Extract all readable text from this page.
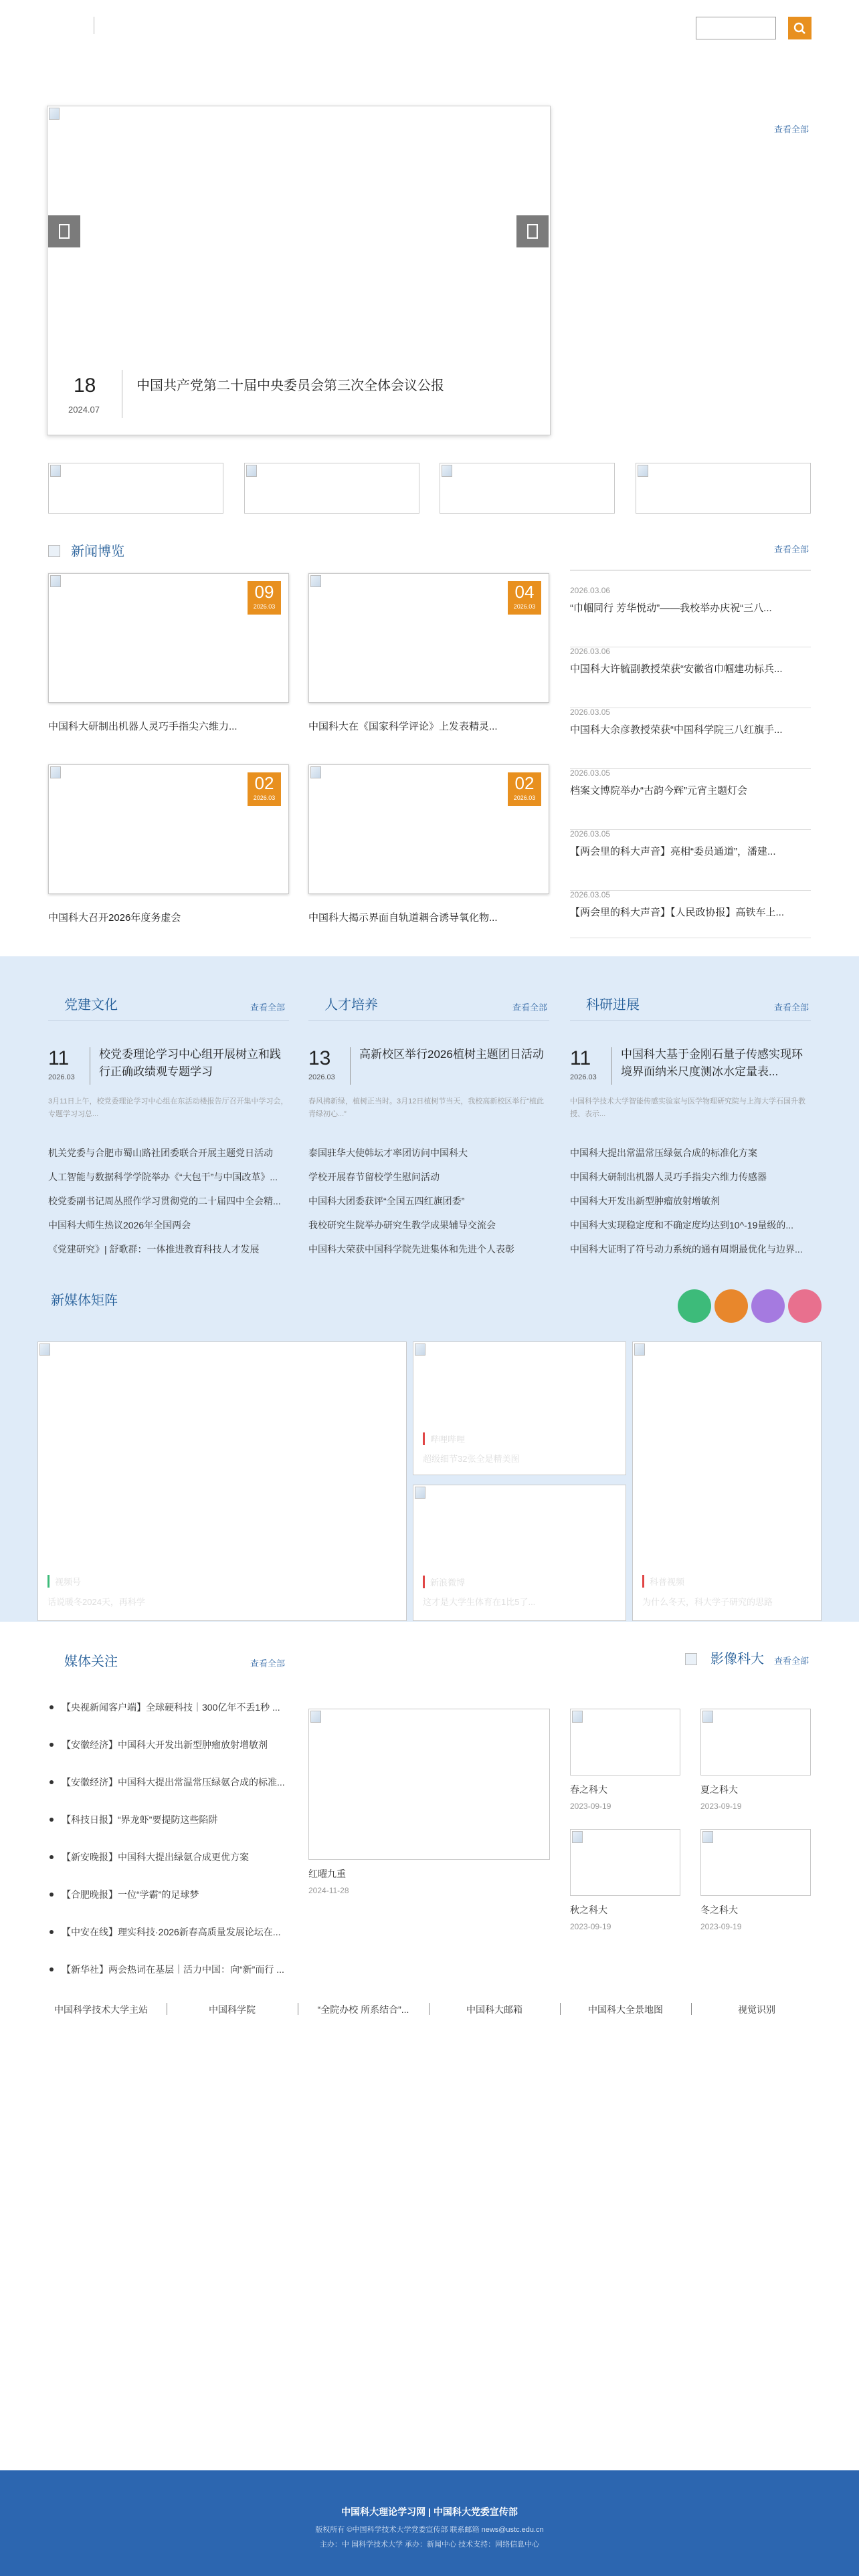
查看全部
18
2024.07
中国共产党第二十届中央委员会第三次全体会议公报
新闻博览	查看全部
09
2026.03
中国科大研制出机器人灵巧手指尖六维力...
04
2026.03
中国科大在《国家科学评论》上发表精灵...
02
2026.03
中国科大召开2026年度务虚会
02
2026.03
中国科大揭示界面自轨道耦合诱导氧化物...
2026.03.06
“巾帼同行 芳华悦动”——我校举办庆祝“三八...
2026.03.06
中国科大许毓副教授荣获“安徽省巾帼建功标兵...
2026.03.05
中国科大余彦教授荣获“中国科学院三八红旗手...
2026.03.05
档案文博院举办“古韵今辉”元宵主题灯会
2026.03.05
【两会里的科大声音】亮相“委员通道”，潘建...
2026.03.05
【两会里的科大声音】【人民政协报】高铁车上...
党建文化	查看全部
11
2026.03
校党委理论学习中心组开展树立和践行正确政绩观专题学习
3月11日上午，校党委理论学习中心组在东活动楼报告厅召开集中学习会，专题学习习总...
机关党委与合肥市蜀山路社团委联合开展主题党日活动
人工智能与数据科学学院举办《“大包干”与中国改革》...
校党委副书记周丛照作学习贯彻党的二十届四中全会精...
中国科大师生热议2026年全国两会
《党建研究》| 舒歌群：一体推进教育科技人才发展
人才培养	查看全部
13
2026.03
高新校区举行2026植树主题团日活动
春风拂新绿，植树正当时。3月12日植树节当天，我校高新校区举行“植此青绿初心...”
泰国驻华大使韩坛才率团访问中国科大
学校开展春节留校学生慰问活动
中国科大团委获评“全国五四红旗团委”
我校研究生院举办研究生教学成果辅导交流会
中国科大荣获中国科学院先进集体和先进个人表彰
科研进展	查看全部
11
2026.03
中国科大基于金刚石量子传感实现环境界面纳米尺度测冰水定量表...
中国科学技术大学智能传感实验室与医学物理研究院与上海大学石国升教授、表示...
中国科大提出常温常压绿氨合成的标准化方案
中国科大研制出机器人灵巧手指尖六维力传感器
中国科大开发出新型肿瘤放射增敏剂
中国科大实现稳定度和不确定度均达到10^-19量级的...
中国科大证明了符号动力系统的通有周期最优化与边界...
新媒体矩阵
视频号
话说暖冬2024天，再科学
哔哩哔哩
超级细节32张全是精美图
新浪微博
这才是大学生体育在1比5了...
科普视频
为什么冬天，科大学子研究的思路
媒体关注	查看全部
【央视新闻客户端】全球硬科技｜300亿年不丢1秒 ...
【安徽经济】中国科大开发出新型肿瘤放射增敏剂
【安徽经济】中国科大提出常温常压绿氨合成的标准...
【科技日报】“界龙虾”要提防这些陷阱
【新安晚报】中国科大提出绿氨合成更优方案
【合肥晚报】一位“学霸”的足球梦
【中安在线】理实科技·2026新春高质量发展论坛在...
【新华社】两会热词在基层｜活力中国：向“新”而行 ...
红曜九重
2024-11-28
影像科大 查看全部
春之科大
2023-09-19
夏之科大
2023-09-19
秋之科大
2023-09-19
冬之科大
2023-09-19
中国科学技术大学主站	中国科学院	“全院办校 所系结合”...	中国科大邮箱	中国科大全景地图	视觉识别
中国科大理论学习网 | 中国科大党委宣传部
版权所有 ©中国科学技术大学党委宣传部 联系邮箱 news@ustc.edu.cn
主办：中 国科学技术大学 承办：新闻中心 技术支持：网络信息中心
